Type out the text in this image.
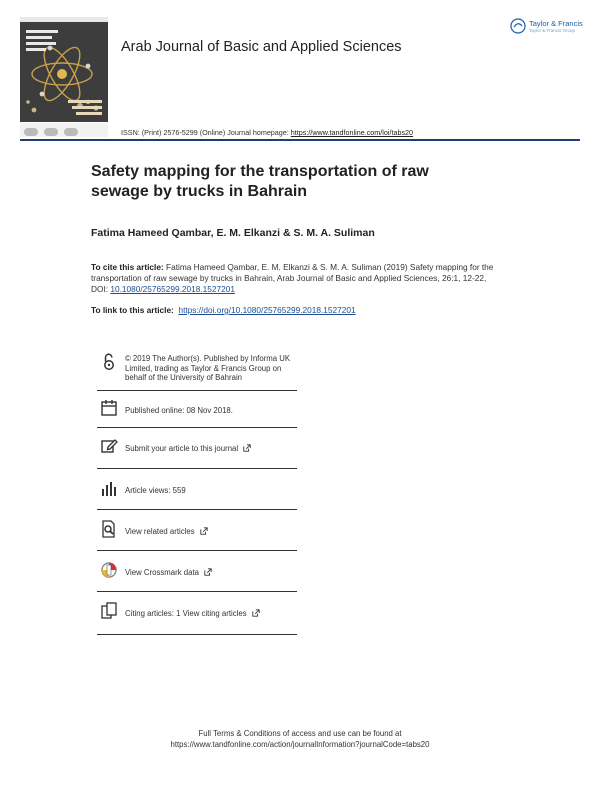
Arab Journal of Basic and Applied Sciences
Taylor & Francis
Taylor & Francis Group
ISSN: (Print) 2576-5299 (Online) Journal homepage: https://www.tandfonline.com/loi/tabs20
Safety mapping for the transportation of raw
sewage by trucks in Bahrain
Fatima Hameed Qambar, E. M. Elkanzi & S. M. A. Suliman
To cite this article: Fatima Hameed Qambar, E. M. Elkanzi & S. M. A. Suliman (2019) Safety mapping for the transportation of raw sewage by trucks in Bahrain, Arab Journal of Basic and Applied Sciences, 26:1, 12-22, DOI: 10.1080/25765299.2018.1527201
To link to this article: https://doi.org/10.1080/25765299.2018.1527201
© 2019 The Author(s). Published by Informa UK Limited, trading as Taylor & Francis Group on behalf of the University of Bahrain
Published online: 08 Nov 2018.
Submit your article to this journal
Article views: 559
View related articles
View Crossmark data
Citing articles: 1 View citing articles
Full Terms & Conditions of access and use can be found at
https://www.tandfonline.com/action/journalInformation?journalCode=tabs20
